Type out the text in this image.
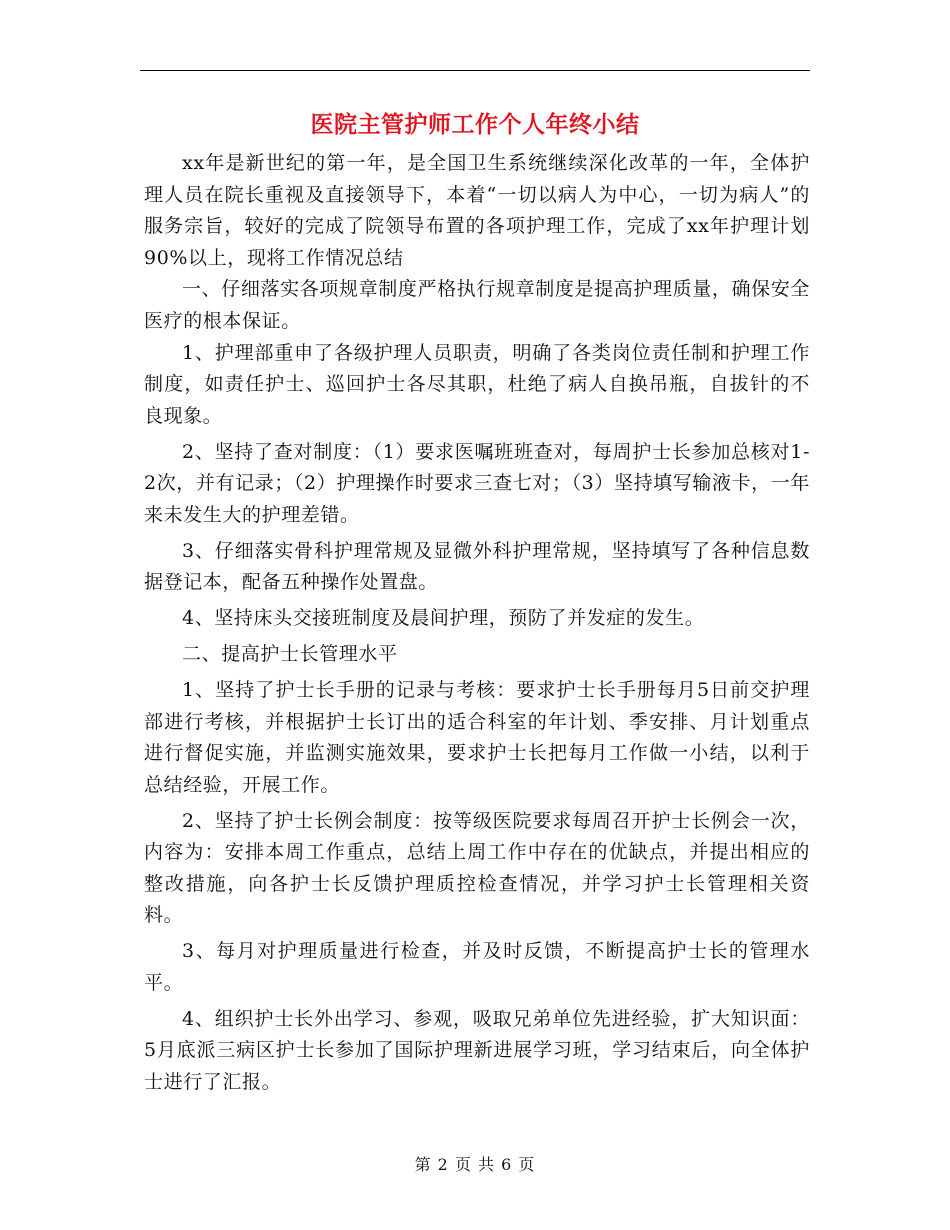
医院主管护师工作个人年终小结

xx年是新世纪的第一年，是全国卫生系统继续深化改革的一年，全体护理人员在院长重视及直接领导下，本着“一切以病人为中心，一切为病人”的服务宗旨，较好的完成了院领导布置的各项护理工作，完成了xx年护理计划90%以上，现将工作情况总结

一、仔细落实各项规章制度严格执行规章制度是提高护理质量，确保安全医疗的根本保证。

1、护理部重申了各级护理人员职责，明确了各类岗位责任制和护理工作制度，如责任护士、巡回护士各尽其职，杜绝了病人自换吊瓶，自拔针的不良现象。

2、坚持了查对制度：（1）要求医嘱班班查对，每周护士长参加总核对1-2次，并有记录；（2）护理操作时要求三查七对；（3）坚持填写输液卡，一年来未发生大的护理差错。

3、仔细落实骨科护理常规及显微外科护理常规，坚持填写了各种信息数据登记本，配备五种操作处置盘。

4、坚持床头交接班制度及晨间护理，预防了并发症的发生。

二、提高护士长管理水平

1、坚持了护士长手册的记录与考核：要求护士长手册每月5日前交护理部进行考核，并根据护士长订出的适合科室的年计划、季安排、月计划重点进行督促实施，并监测实施效果，要求护士长把每月工作做一小结，以利于总结经验，开展工作。

2、坚持了护士长例会制度：按等级医院要求每周召开护士长例会一次，内容为：安排本周工作重点，总结上周工作中存在的优缺点，并提出相应的整改措施，向各护士长反馈护理质控检查情况，并学习护士长管理相关资料。

3、每月对护理质量进行检查，并及时反馈，不断提高护士长的管理水平。

4、组织护士长外出学习、参观，吸取兄弟单位先进经验，扩大知识面：5月底派三病区护士长参加了国际护理新进展学习班，学习结束后，向全体护士进行了汇报。

第 2 页 共 6 页
